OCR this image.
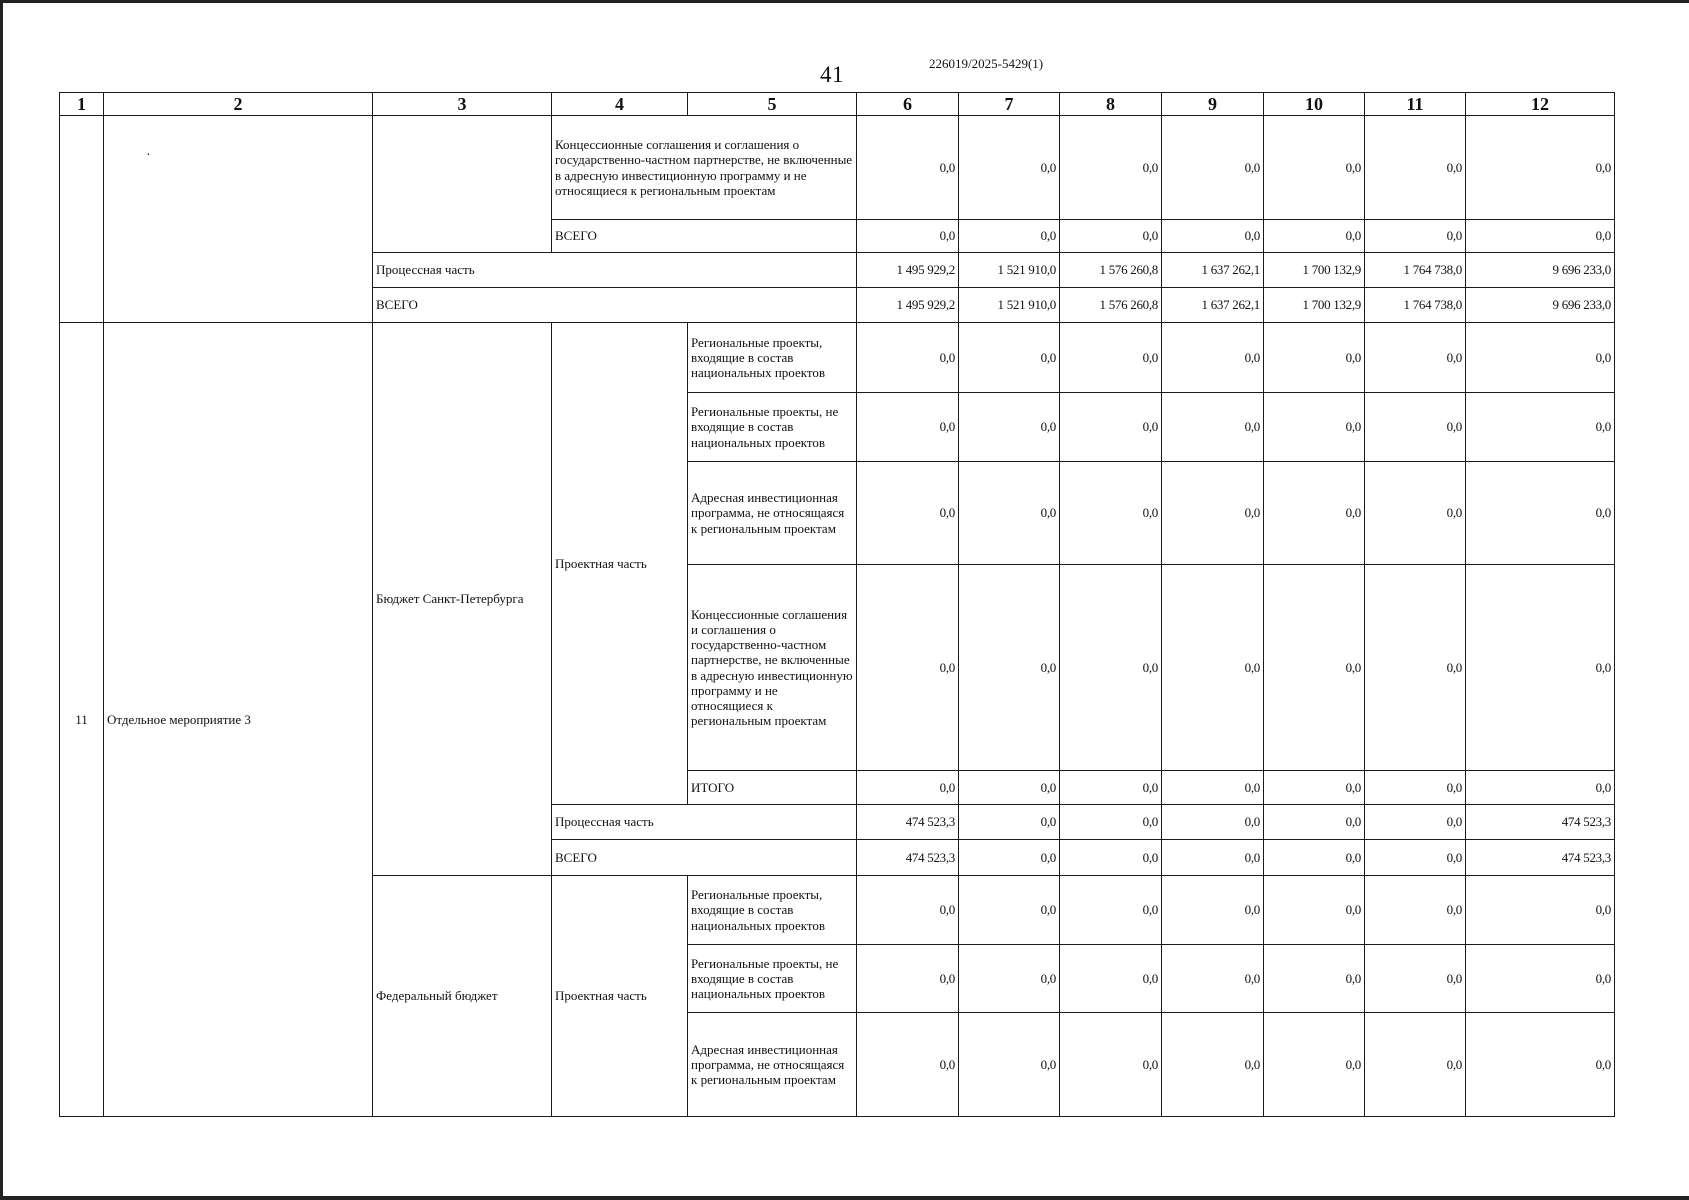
226019/2025-5429(1)
41
·
1	2	3	4	5	6	7	8	9	10	11	12
			Концессионные соглашения и соглашения о государственно-частном партнерстве, не включенные в адресную инвестиционную программу и не относящиеся к региональным проектам		0,0	0,0	0,0	0,0	0,0	0,0	0,0
			ВСЕГО		0,0	0,0	0,0	0,0	0,0	0,0	0,0
		Процессная часть			1 495 929,2	1 521 910,0	1 576 260,8	1 637 262,1	1 700 132,9	1 764 738,0	9 696 233,0
		ВСЕГО			1 495 929,2	1 521 910,0	1 576 260,8	1 637 262,1	1 700 132,9	1 764 738,0	9 696 233,0
11	Отдельное мероприятие 3	Бюджет Санкт-Петербурга	Проектная часть	Региональные проекты, входящие в состав национальных проектов	0,0	0,0	0,0	0,0	0,0	0,0	0,0
				Региональные проекты, не входящие в состав национальных проектов	0,0	0,0	0,0	0,0	0,0	0,0	0,0
				Адресная инвестиционная программа, не относящаяся к региональным проектам	0,0	0,0	0,0	0,0	0,0	0,0	0,0
				Концессионные соглашения и соглашения о государственно-частном партнерстве, не включенные в адресную инвестиционную программу и не относящиеся к региональным проектам	0,0	0,0	0,0	0,0	0,0	0,0	0,0
				ИТОГО	0,0	0,0	0,0	0,0	0,0	0,0	0,0
			Процессная часть		474 523,3	0,0	0,0	0,0	0,0	0,0	474 523,3
			ВСЕГО		474 523,3	0,0	0,0	0,0	0,0	0,0	474 523,3
		Федеральный бюджет	Проектная часть	Региональные проекты, входящие в состав национальных проектов	0,0	0,0	0,0	0,0	0,0	0,0	0,0
				Региональные проекты, не входящие в состав национальных проектов	0,0	0,0	0,0	0,0	0,0	0,0	0,0
				Адресная инвестиционная программа, не относящаяся к региональным проектам	0,0	0,0	0,0	0,0	0,0	0,0	0,0
